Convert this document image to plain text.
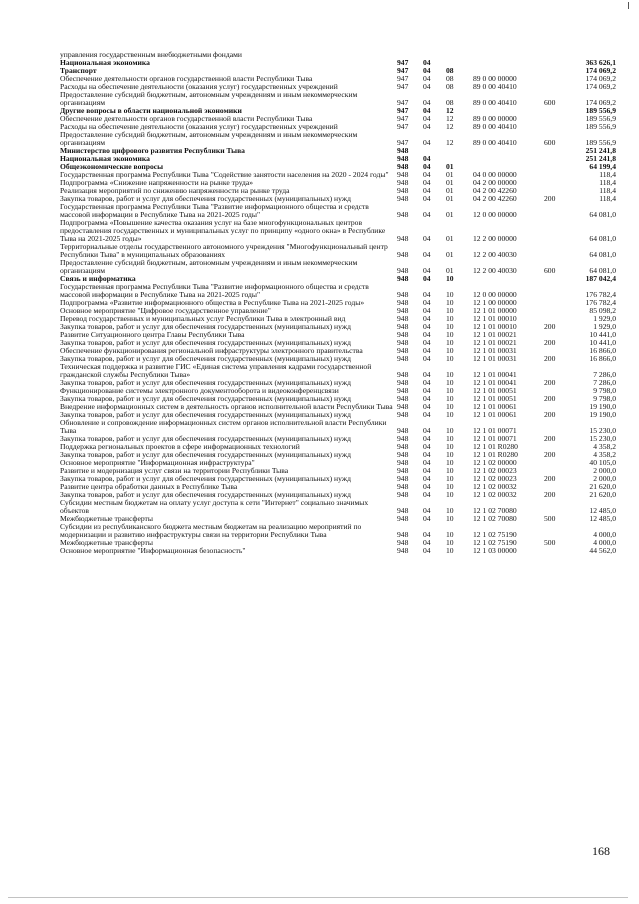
управления государственным внебюджетными фондами
Национальная экономика	947 04	363 626,1
Транспорт	947 04 08	174 069,2
Обеспечение деятельности органов государственной власти Республики Тыва	947 04 08	89 0 00 00000	174 069,2
Расходы на обеспечение деятельности (оказания услуг) государственных учреждений	947 04 08	89 0 00 40410	174 069,2
Предоставление субсидий бюджетным, автономным учреждениям и иным некоммерческим организациям	947 04 08	89 0 00 40410	600	174 069,2
Другие вопросы в области национальной экономики	947 04 12	189 556,9
Обеспечение деятельности органов государственной власти Республики Тыва	947 04 12	89 0 00 00000	189 556,9
Расходы на обеспечение деятельности (оказания услуг) государственных учреждений	947 04 12	89 0 00 40410	189 556,9
Предоставление субсидий бюджетным, автономным учреждениям и иным некоммерческим организациям	947 04 12	89 0 00 40410	600	189 556,9
Министерство цифрового развития Республики Тыва	948	251 241,8
Национальная экономика	948 04	251 241,8
Общеэкономические вопросы	948 04 01	64 199,4
Государственная программа Республики Тыва "Содействие занятости населения на 2020 - 2024 годы"	948 04 01	04 0 00 00000	118,4
Подпрограмма «Снижение напряженности на рынке труда»	948 04 01	04 2 00 00000	118,4
Реализация мероприятий по снижению напряженности на рынке труда	948 04 01	04 2 00 42260	118,4
Закупка товаров, работ и услуг для обеспечения государственных (муниципальных) нужд	948 04 01	04 2 00 42260	200	118,4
Государственная программа Республики Тыва "Развитие информационного общества и средств массовой информации в Республике Тыва на 2021-2025 годы"	948 04 01	12 0 00 00000	64 081,0
Подпрограмма «Повышение качества оказания услуг на базе многофункциональных центров предоставления государственных и муниципальных услуг по принципу «одного окна» в Республике Тыва на 2021-2025 годы»	948 04 01	12 2 00 00000	64 081,0
Территориальные отделы государственного автономного учреждения "Многофункциональный центр Республики Тыва" в муниципальных образованиях	948 04 01	12 2 00 40030	64 081,0
Предоставление субсидий бюджетным, автономным учреждениям и иным некоммерческим организациям	948 04 01	12 2 00 40030	600	64 081,0
Связь и информатика	948 04 10	187 042,4
Государственная программа Республики Тыва "Развитие информационного общества и средств массовой информации в Республике Тыва на 2021-2025 годы"	948 04 10	12 0 00 00000	176 782,4
Подпрограмма «Развитие информационного общества в Республике Тыва на 2021-2025 годы»	948 04 10	12 1 00 00000	176 782,4
Основное мероприятие "Цифровое государственное управление"	948 04 10	12 1 01 00000	85 098,2
Перевод государственных и муниципальных услуг Республики Тыва в электронный вид	948 04 10	12 1 01 00010	1 929,0
Закупка товаров, работ и услуг для обеспечения государственных (муниципальных) нужд	948 04 10	12 1 01 00010	200	1 929,0
Развитие Ситуационного центра Главы Республики Тыва	948 04 10	12 1 01 00021	10 441,0
Закупка товаров, работ и услуг для обеспечения государственных (муниципальных) нужд	948 04 10	12 1 01 00021	200	10 441,0
Обеспечение функционирования региональной инфраструктуры электронного правительства	948 04 10	12 1 01 00031	16 866,0
Закупка товаров, работ и услуг для обеспечения государственных (муниципальных) нужд	948 04 10	12 1 01 00031	200	16 866,0
Техническая поддержка и развитие ГИС «Единая система управления кадрами государственной гражданской службы Республики Тыва»	948 04 10	12 1 01 00041	7 286,0
Закупка товаров, работ и услуг для обеспечения государственных (муниципальных) нужд	948 04 10	12 1 01 00041	200	7 286,0
Функционирование системы электронного документооборота и видеоконференцсвязи	948 04 10	12 1 01 00051	9 798,0
Закупка товаров, работ и услуг для обеспечения государственных (муниципальных) нужд	948 04 10	12 1 01 00051	200	9 798,0
Внедрение информационных систем в деятельность органов исполнительной власти Республики Тыва 948 04 10	12 1 01 00061	19 190,0
Закупка товаров, работ и услуг для обеспечения государственных (муниципальных) нужд	948 04 10	12 1 01 00061	200	19 190,0
Обновление и сопровождение информационных систем органов исполнительной власти Республики Тыва	948 04 10	12 1 01 00071	15 230,0
Закупка товаров, работ и услуг для обеспечения государственных (муниципальных) нужд	948 04 10	12 1 01 00071	200	15 230,0
Поддержка региональных проектов в сфере информационных технологий	948 04 10	12 1 01 R0280	4 358,2
Закупка товаров, работ и услуг для обеспечения государственных (муниципальных) нужд	948 04 10	12 1 01 R0280	200	4 358,2
Основное мероприятие "Информационная инфраструктура"	948 04 10	12 1 02 00000	40 105,0
Развитие и модернизация услуг связи на территории Республики Тыва	948 04 10	12 1 02 00023	2 000,0
Закупка товаров, работ и услуг для обеспечения государственных (муниципальных) нужд	948 04 10	12 1 02 00023	200	2 000,0
Развитие центра обработки данных в Республике Тыва	948 04 10	12 1 02 00032	21 620,0
Закупка товаров, работ и услуг для обеспечения государственных (муниципальных) нужд	948 04 10	12 1 02 00032	200	21 620,0
Субсидии местным бюджетам на оплату услуг доступа к сети "Интернет" социально значимых объектов	948 04 10	12 1 02 70080	12 485,0
Межбюджетные трансферты	948 04 10	12 1 02 70080	500	12 485,0
Субсидии из республиканского бюджета местным бюджетам на реализацию мероприятий по модернизации и развитию инфраструктуры связи на территории Республики Тыва	948 04 10	12 1 02 75190	4 000,0
Межбюджетные трансферты	948 04 10	12 1 02 75190	500	4 000,0
Основное мероприятие "Информационная безопасность"	948 04 10	12 1 03 00000	44 562,0
168
